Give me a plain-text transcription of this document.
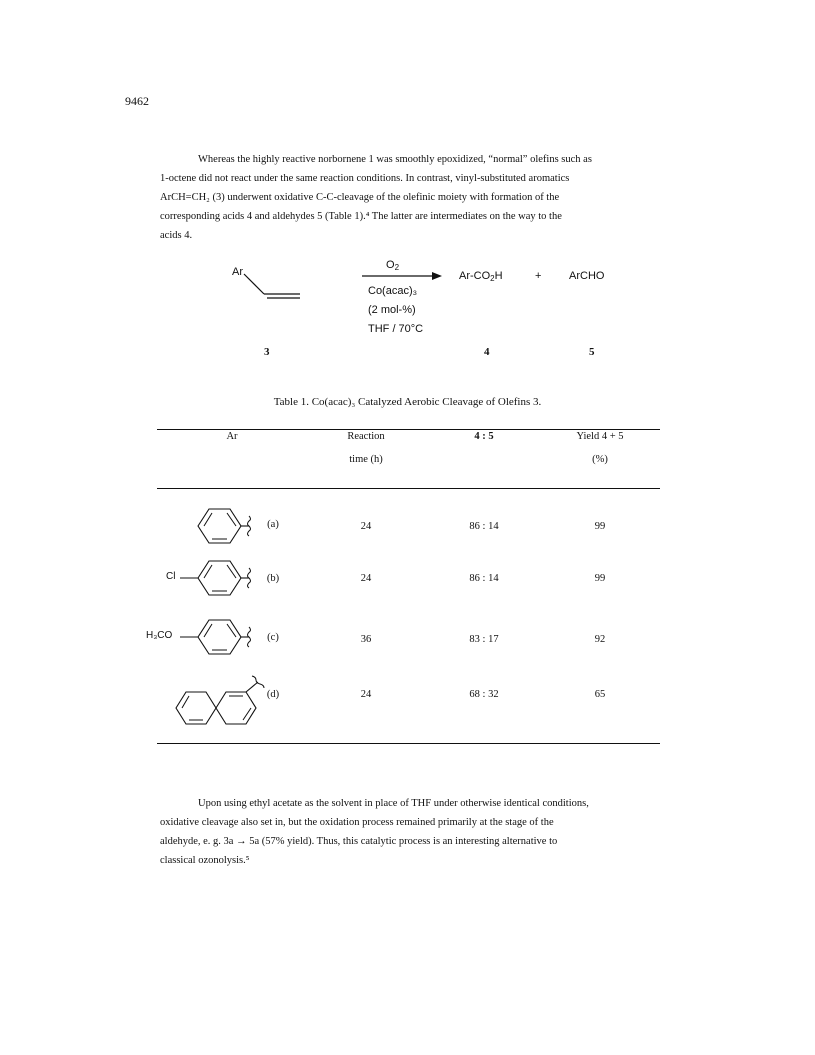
9462
Whereas the highly reactive norbornene 1 was smoothly epoxidized, “normal” olefins such as
1-octene did not react under the same reaction conditions. In contrast, vinyl-substituted aromatics
ArCH=CH₂ (3) underwent oxidative C-C-cleavage of the olefinic moiety with formation of the
corresponding acids 4 and aldehydes 5 (Table 1).⁴ The latter are intermediates on the way to the
acids 4.
Ar
$O_2$
Co(acac)₃
(2 mol-%)
THF / 70°C
$Ar-CO_2H$	+	ArCHO
3	4	5
Table 1. Co(acac)₃ Catalyzed Aerobic Cleavage of Olefins 3.
Ar	Reaction
time (h)
4 : 5	Yield 4 + 5
(%)
(a)	24	86 : 14	99
Cl	(b)	24	86 : 14	99
H₃CO	(c)	36	83 : 17	92
(d)	24	68 : 32	65
Upon using ethyl acetate as the solvent in place of THF under otherwise identical conditions,
oxidative cleavage also set in, but the oxidation process remained primarily at the stage of the
aldehyde, e. g. 3a → 5a (57% yield). Thus, this catalytic process is an interesting alternative to
classical ozonolysis.⁵
